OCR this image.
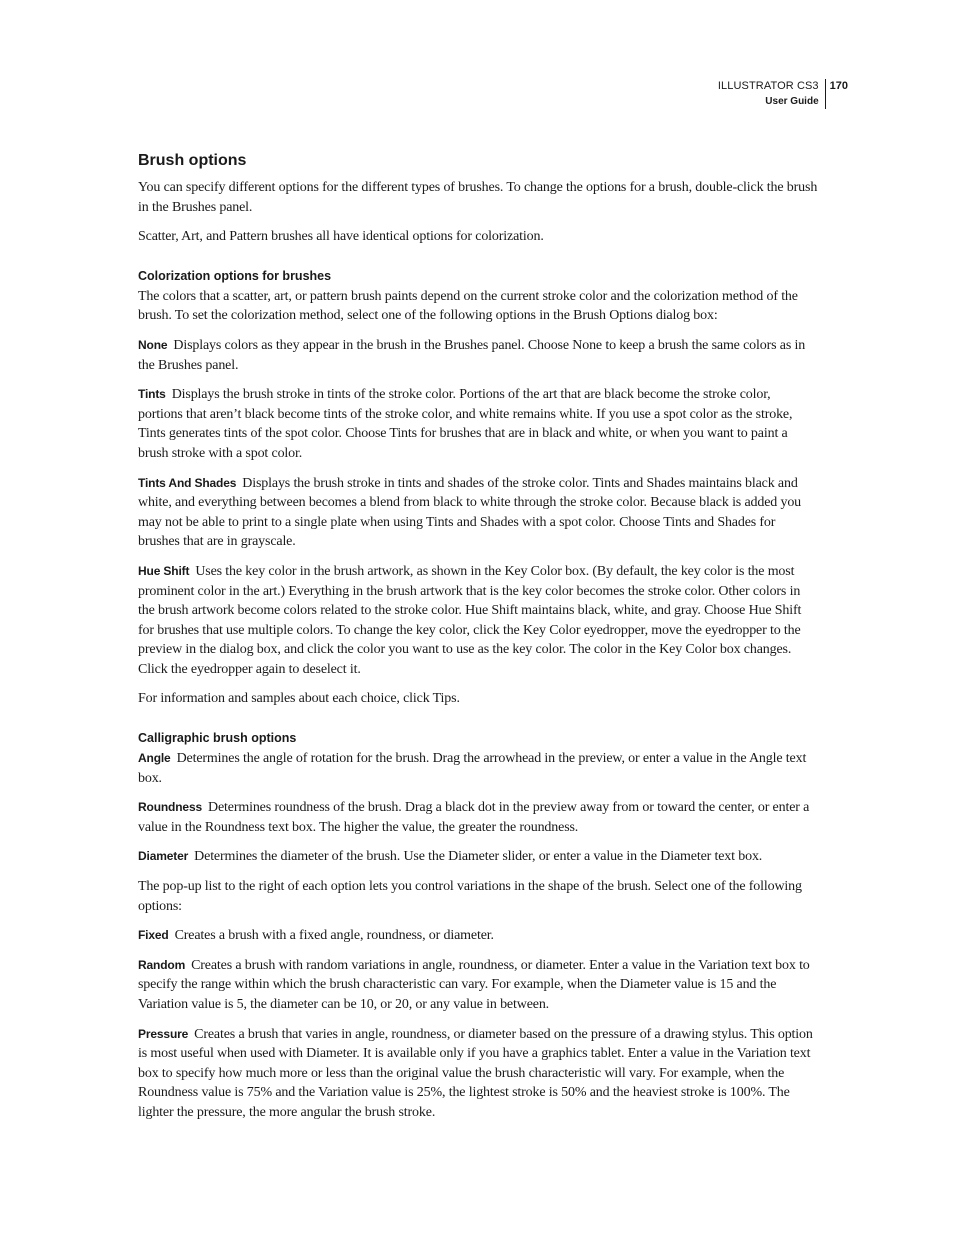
ILLUSTRATOR CS3
User Guide
170
Brush options

You can specify different options for the different types of brushes. To change the options for a brush, double-click the brush in the Brushes panel.

Scatter, Art, and Pattern brushes all have identical options for colorization.

Colorization options for brushes

The colors that a scatter, art, or pattern brush paints depend on the current stroke color and the colorization method of the brush. To set the colorization method, select one of the following options in the Brush Options dialog box:

None Displays colors as they appear in the brush in the Brushes panel. Choose None to keep a brush the same colors as in the Brushes panel.

Tints Displays the brush stroke in tints of the stroke color. Portions of the art that are black become the stroke color, portions that aren’t black become tints of the stroke color, and white remains white. If you use a spot color as the stroke, Tints generates tints of the spot color. Choose Tints for brushes that are in black and white, or when you want to paint a brush stroke with a spot color.

Tints And Shades Displays the brush stroke in tints and shades of the stroke color. Tints and Shades maintains black and white, and everything between becomes a blend from black to white through the stroke color. Because black is added you may not be able to print to a single plate when using Tints and Shades with a spot color. Choose Tints and Shades for brushes that are in grayscale.

Hue Shift Uses the key color in the brush artwork, as shown in the Key Color box. (By default, the key color is the most prominent color in the art.) Everything in the brush artwork that is the key color becomes the stroke color. Other colors in the brush artwork become colors related to the stroke color. Hue Shift maintains black, white, and gray. Choose Hue Shift for brushes that use multiple colors. To change the key color, click the Key Color eyedropper, move the eyedropper to the preview in the dialog box, and click the color you want to use as the key color. The color in the Key Color box changes. Click the eyedropper again to deselect it.

For information and samples about each choice, click Tips.

Calligraphic brush options

Angle Determines the angle of rotation for the brush. Drag the arrowhead in the preview, or enter a value in the Angle text box.

Roundness Determines roundness of the brush. Drag a black dot in the preview away from or toward the center, or enter a value in the Roundness text box. The higher the value, the greater the roundness.

Diameter Determines the diameter of the brush. Use the Diameter slider, or enter a value in the Diameter text box.

The pop-up list to the right of each option lets you control variations in the shape of the brush. Select one of the following options:

Fixed Creates a brush with a fixed angle, roundness, or diameter.

Random Creates a brush with random variations in angle, roundness, or diameter. Enter a value in the Variation text box to specify the range within which the brush characteristic can vary. For example, when the Diameter value is 15 and the Variation value is 5, the diameter can be 10, or 20, or any value in between.

Pressure Creates a brush that varies in angle, roundness, or diameter based on the pressure of a drawing stylus. This option is most useful when used with Diameter. It is available only if you have a graphics tablet. Enter a value in the Variation text box to specify how much more or less than the original value the brush characteristic will vary. For example, when the Roundness value is 75% and the Variation value is 25%, the lightest stroke is 50% and the heaviest stroke is 100%. The lighter the pressure, the more angular the brush stroke.
